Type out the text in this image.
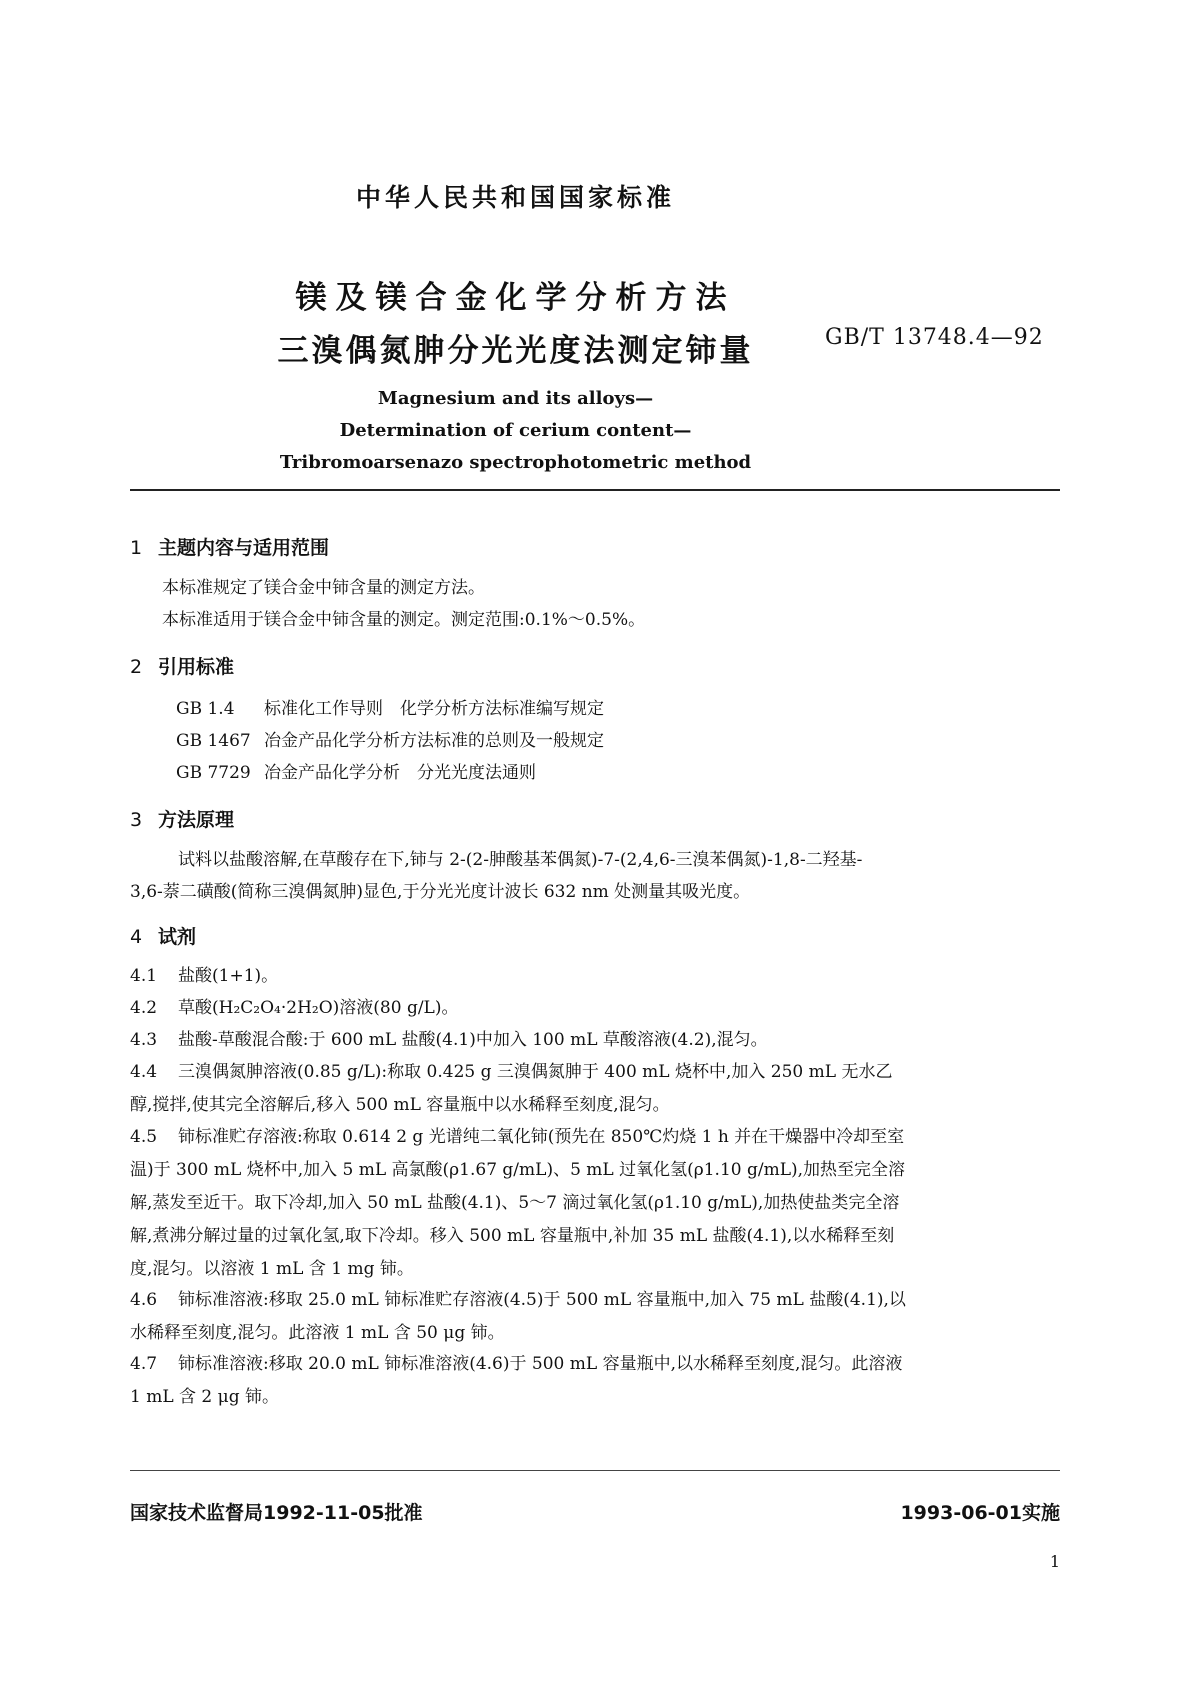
中华人民共和国国家标准
镁及镁合金化学分析方法
三溴偶氮胂分光光度法测定铈量	GB/T 13748.4—92
Magnesium and its alloys—
Determination of cerium content—
Tribromoarsenazo spectrophotometric method
1 主题内容与适用范围
本标准规定了镁合金中铈含量的测定方法。
本标准适用于镁合金中铈含量的测定。测定范围:0.1%～0.5%。
2 引用标准
GB 1.4 标准化工作导则　化学分析方法标准编写规定
GB 1467 冶金产品化学分析方法标准的总则及一般规定
GB 7729 冶金产品化学分析　分光光度法通则
3 方法原理
试料以盐酸溶解,在草酸存在下,铈与 2-(2-胂酸基苯偶氮)-7-(2,4,6-三溴苯偶氮)-1,8-二羟基-
3,6-萘二磺酸(简称三溴偶氮胂)显色,于分光光度计波长 632 nm 处测量其吸光度。
4 试剂
4.1	盐酸(1+1)。
4.2	草酸(H₂C₂O₄·2H₂O)溶液(80 g/L)。
4.3	盐酸-草酸混合酸:于 600 mL 盐酸(4.1)中加入 100 mL 草酸溶液(4.2),混匀。
4.4	三溴偶氮胂溶液(0.85 g/L):称取 0.425 g 三溴偶氮胂于 400 mL 烧杯中,加入 250 mL 无水乙
醇,搅拌,使其完全溶解后,移入 500 mL 容量瓶中以水稀释至刻度,混匀。
4.5	铈标准贮存溶液:称取 0.614 2 g 光谱纯二氧化铈(预先在 850℃灼烧 1 h 并在干燥器中冷却至室
温)于 300 mL 烧杯中,加入 5 mL 高氯酸(ρ1.67 g/mL)、5 mL 过氧化氢(ρ1.10 g/mL),加热至完全溶
解,蒸发至近干。取下冷却,加入 50 mL 盐酸(4.1)、5～7 滴过氧化氢(ρ1.10 g/mL),加热使盐类完全溶
解,煮沸分解过量的过氧化氢,取下冷却。移入 500 mL 容量瓶中,补加 35 mL 盐酸(4.1),以水稀释至刻
度,混匀。以溶液 1 mL 含 1 mg 铈。
4.6	铈标准溶液:移取 25.0 mL 铈标准贮存溶液(4.5)于 500 mL 容量瓶中,加入 75 mL 盐酸(4.1),以
水稀释至刻度,混匀。此溶液 1 mL 含 50 μg 铈。
4.7	铈标准溶液:移取 20.0 mL 铈标准溶液(4.6)于 500 mL 容量瓶中,以水稀释至刻度,混匀。此溶液
1 mL 含 2 μg 铈。
国家技术监督局1992-11-05批准	1993-06-01实施
1
